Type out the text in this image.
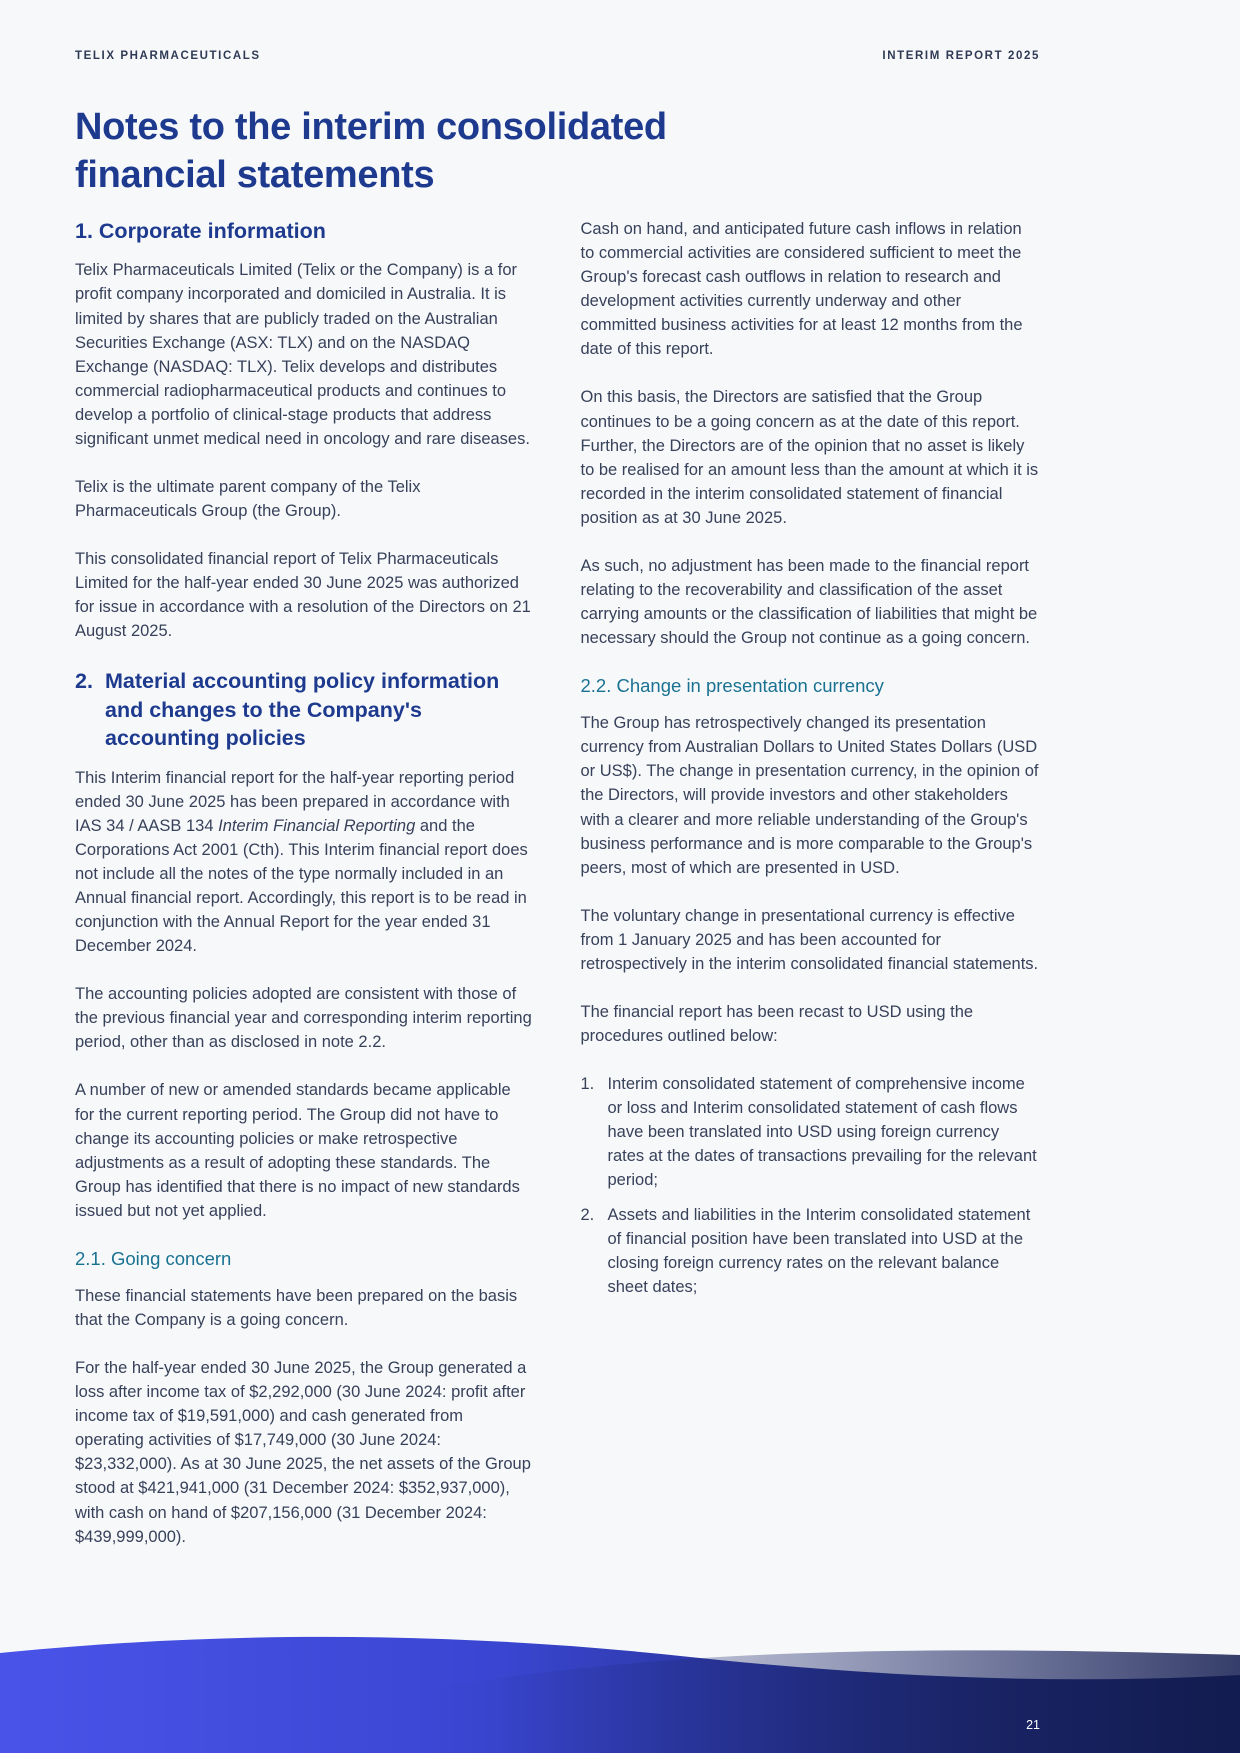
TELIX PHARMACEUTICALS	INTERIM REPORT 2025
Notes to the interim consolidated financial statements
1. Corporate information

Telix Pharmaceuticals Limited (Telix or the Company) is a for profit company incorporated and domiciled in Australia. It is limited by shares that are publicly traded on the Australian Securities Exchange (ASX: TLX) and on the NASDAQ Exchange (NASDAQ: TLX). Telix develops and distributes commercial radiopharmaceutical products and continues to develop a portfolio of clinical-stage products that address significant unmet medical need in oncology and rare diseases.

Telix is the ultimate parent company of the Telix Pharmaceuticals Group (the Group).

This consolidated financial report of Telix Pharmaceuticals Limited for the half-year ended 30 June 2025 was authorized for issue in accordance with a resolution of the Directors on 21 August 2025.

2. Material accounting policy information and changes to the Company's accounting policies

This Interim financial report for the half-year reporting period ended 30 June 2025 has been prepared in accordance with IAS 34 / AASB 134 Interim Financial Reporting and the Corporations Act 2001 (Cth). This Interim financial report does not include all the notes of the type normally included in an Annual financial report. Accordingly, this report is to be read in conjunction with the Annual Report for the year ended 31 December 2024.

The accounting policies adopted are consistent with those of the previous financial year and corresponding interim reporting period, other than as disclosed in note 2.2.

A number of new or amended standards became applicable for the current reporting period. The Group did not have to change its accounting policies or make retrospective adjustments as a result of adopting these standards. The Group has identified that there is no impact of new standards issued but not yet applied.

2.1. Going concern

These financial statements have been prepared on the basis that the Company is a going concern.

For the half-year ended 30 June 2025, the Group generated a loss after income tax of $2,292,000 (30 June 2024: profit after income tax of $19,591,000) and cash generated from operating activities of $17,749,000 (30 June 2024: $23,332,000). As at 30 June 2025, the net assets of the Group stood at $421,941,000 (31 December 2024: $352,937,000), with cash on hand of $207,156,000 (31 December 2024: $439,999,000).

Cash on hand, and anticipated future cash inflows in relation to commercial activities are considered sufficient to meet the Group's forecast cash outflows in relation to research and development activities currently underway and other committed business activities for at least 12 months from the date of this report.

On this basis, the Directors are satisfied that the Group continues to be a going concern as at the date of this report. Further, the Directors are of the opinion that no asset is likely to be realised for an amount less than the amount at which it is recorded in the interim consolidated statement of financial position as at 30 June 2025.

As such, no adjustment has been made to the financial report relating to the recoverability and classification of the asset carrying amounts or the classification of liabilities that might be necessary should the Group not continue as a going concern.

2.2. Change in presentation currency

The Group has retrospectively changed its presentation currency from Australian Dollars to United States Dollars (USD or US$). The change in presentation currency, in the opinion of the Directors, will provide investors and other stakeholders with a clearer and more reliable understanding of the Group's business performance and is more comparable to the Group's peers, most of which are presented in USD.

The voluntary change in presentational currency is effective from 1 January 2025 and has been accounted for retrospectively in the interim consolidated financial statements.

The financial report has been recast to USD using the procedures outlined below:

1. Interim consolidated statement of comprehensive income or loss and Interim consolidated statement of cash flows have been translated into USD using foreign currency rates at the dates of transactions prevailing for the relevant period;
2. Assets and liabilities in the Interim consolidated statement of financial position have been translated into USD at the closing foreign currency rates on the relevant balance sheet dates;
21
